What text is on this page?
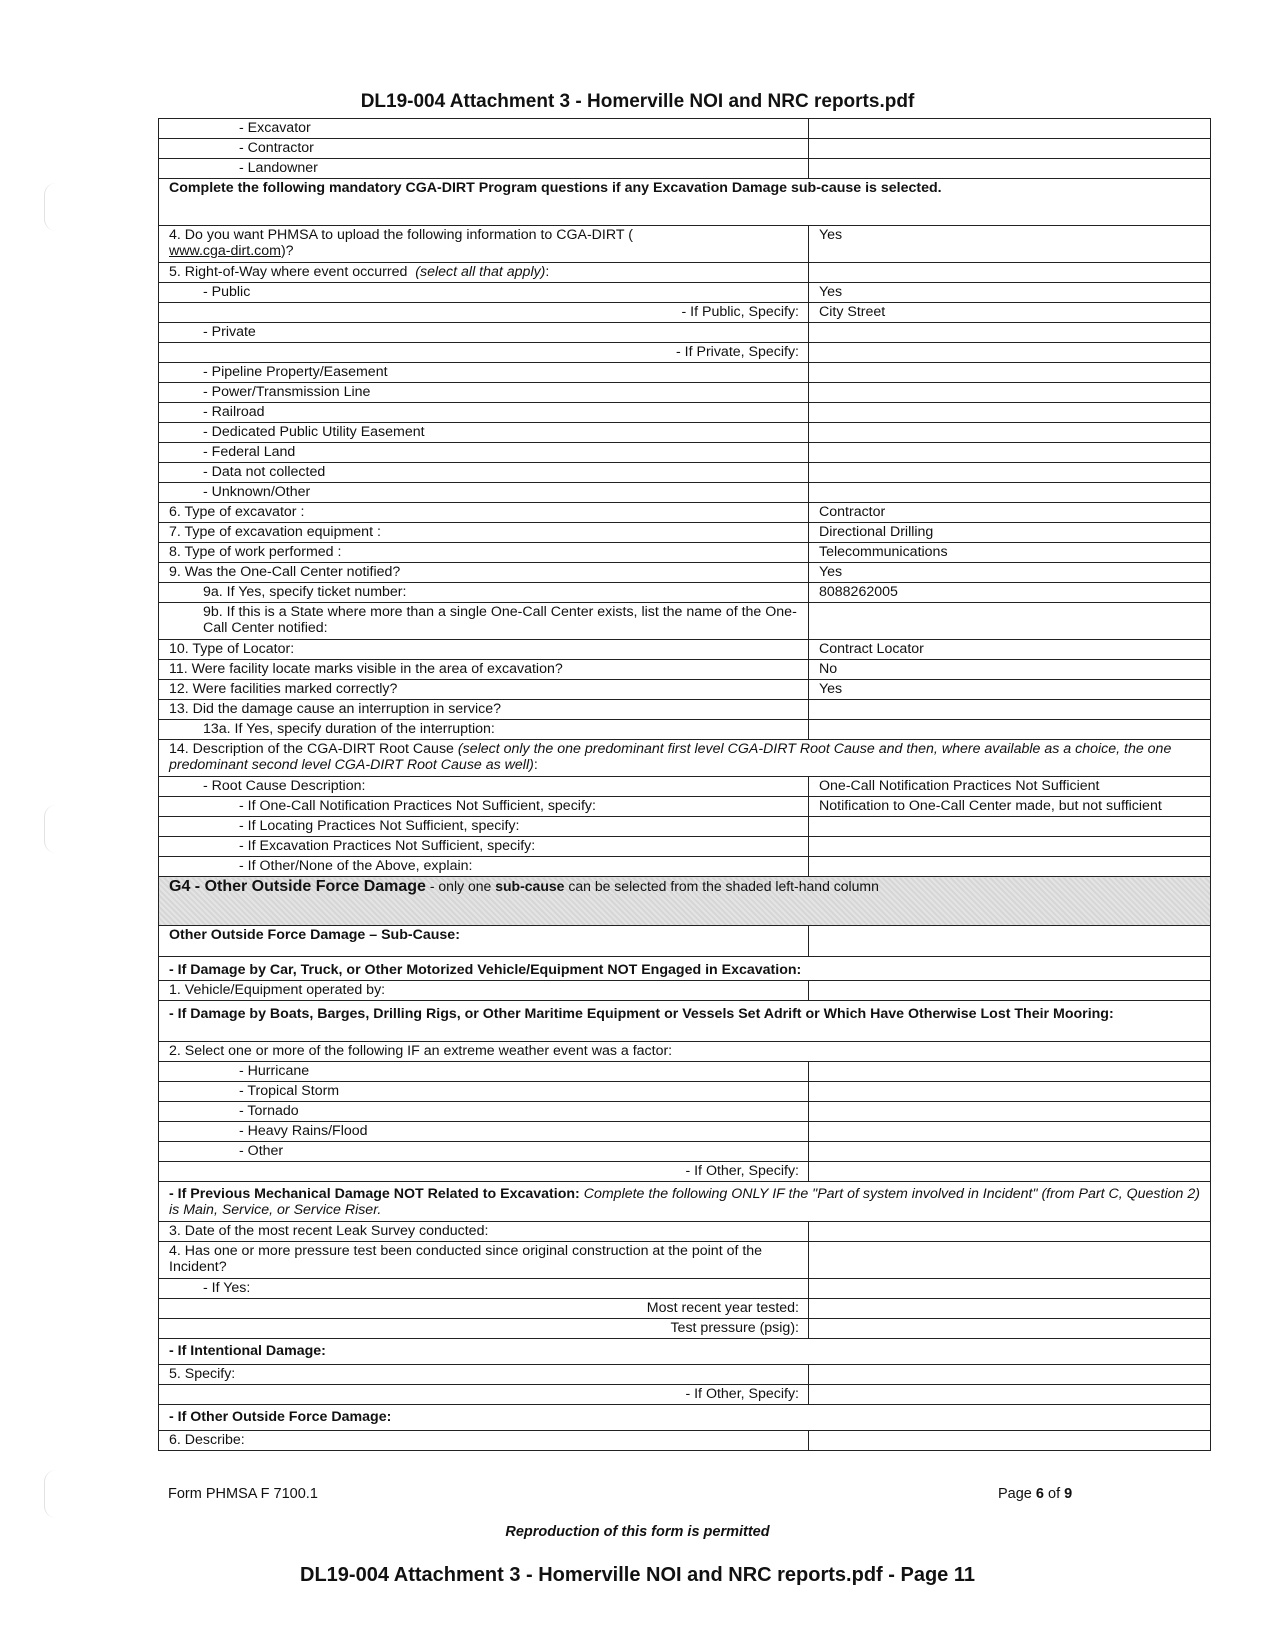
DL19-004 Attachment 3 - Homerville NOI and NRC reports.pdf
- Excavator	
- Contractor	
- Landowner	
Complete the following mandatory CGA-DIRT Program questions if any Excavation Damage sub-cause is selected.	
4. Do you want PHMSA to upload the following information to CGA-DIRT (
www.cga-dirt.com)?	Yes
5. Right-of-Way where event occurred (select all that apply):	
- Public	Yes
- If Public, Specify:	City Street
- Private	
- If Private, Specify:	
- Pipeline Property/Easement	
- Power/Transmission Line	
- Railroad	
- Dedicated Public Utility Easement	
- Federal Land	
- Data not collected	
- Unknown/Other	
6. Type of excavator :	Contractor
7. Type of excavation equipment :	Directional Drilling
8. Type of work performed :	Telecommunications
9. Was the One-Call Center notified?	Yes
9a. If Yes, specify ticket number:	8088262005
9b. If this is a State where more than a single One-Call Center exists, list the name of the One-Call Center notified:	
10. Type of Locator:	Contract Locator
11. Were facility locate marks visible in the area of excavation?	No
12. Were facilities marked correctly?	Yes
13. Did the damage cause an interruption in service?	
13a. If Yes, specify duration of the interruption:	
14. Description of the CGA-DIRT Root Cause (select only the one predominant first level CGA-DIRT Root Cause and then, where available as a choice, the one predominant second level CGA-DIRT Root Cause as well):	
- Root Cause Description:	One-Call Notification Practices Not Sufficient
- If One-Call Notification Practices Not Sufficient, specify:	Notification to One-Call Center made, but not sufficient
- If Locating Practices Not Sufficient, specify:	
- If Excavation Practices Not Sufficient, specify:	
- If Other/None of the Above, explain:	
G4 - Other Outside Force Damage - only one sub-cause can be selected from the shaded left-hand column	
Other Outside Force Damage – Sub-Cause:	
- If Damage by Car, Truck, or Other Motorized Vehicle/Equipment NOT Engaged in Excavation:	
1. Vehicle/Equipment operated by:	
- If Damage by Boats, Barges, Drilling Rigs, or Other Maritime Equipment or Vessels Set Adrift or Which Have Otherwise Lost Their Mooring:	
2. Select one or more of the following IF an extreme weather event was a factor:	
- Hurricane	
- Tropical Storm	
- Tornado	
- Heavy Rains/Flood	
- Other	
- If Other, Specify:	
- If Previous Mechanical Damage NOT Related to Excavation: Complete the following ONLY IF the "Part of system involved in Incident" (from Part C, Question 2) is Main, Service, or Service Riser.	
3. Date of the most recent Leak Survey conducted:	
4. Has one or more pressure test been conducted since original construction at the point of the Incident?	
- If Yes:	
Most recent year tested:	
Test pressure (psig):	
- If Intentional Damage:	
5. Specify:	
- If Other, Specify:	
- If Other Outside Force Damage:	
6. Describe:	
Form PHMSA F 7100.1	Page 6 of 9
Reproduction of this form is permitted
DL19-004 Attachment 3 - Homerville NOI and NRC reports.pdf - Page 11
